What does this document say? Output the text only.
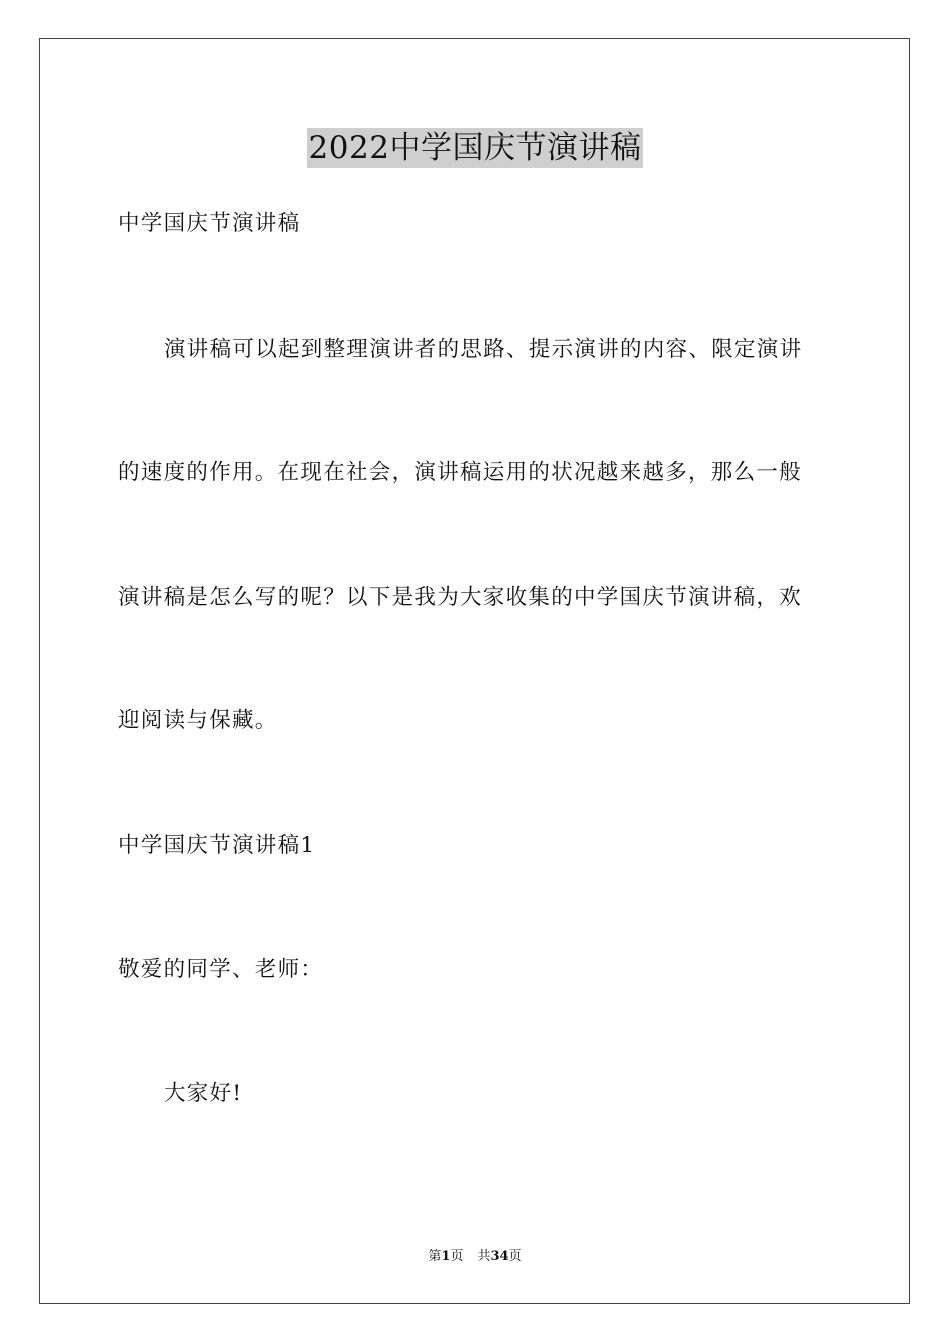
2022中学国庆节演讲稿
中学国庆节演讲稿
演讲稿可以起到整理演讲者的思路、提示演讲的内容、限定演讲
的速度的作用。在现在社会，演讲稿运用的状况越来越多，那么一般
演讲稿是怎么写的呢？以下是我为大家收集的中学国庆节演讲稿，欢
迎阅读与保藏。
中学国庆节演讲稿1
敬爱的同学、老师：
大家好!
第1页 共34页
